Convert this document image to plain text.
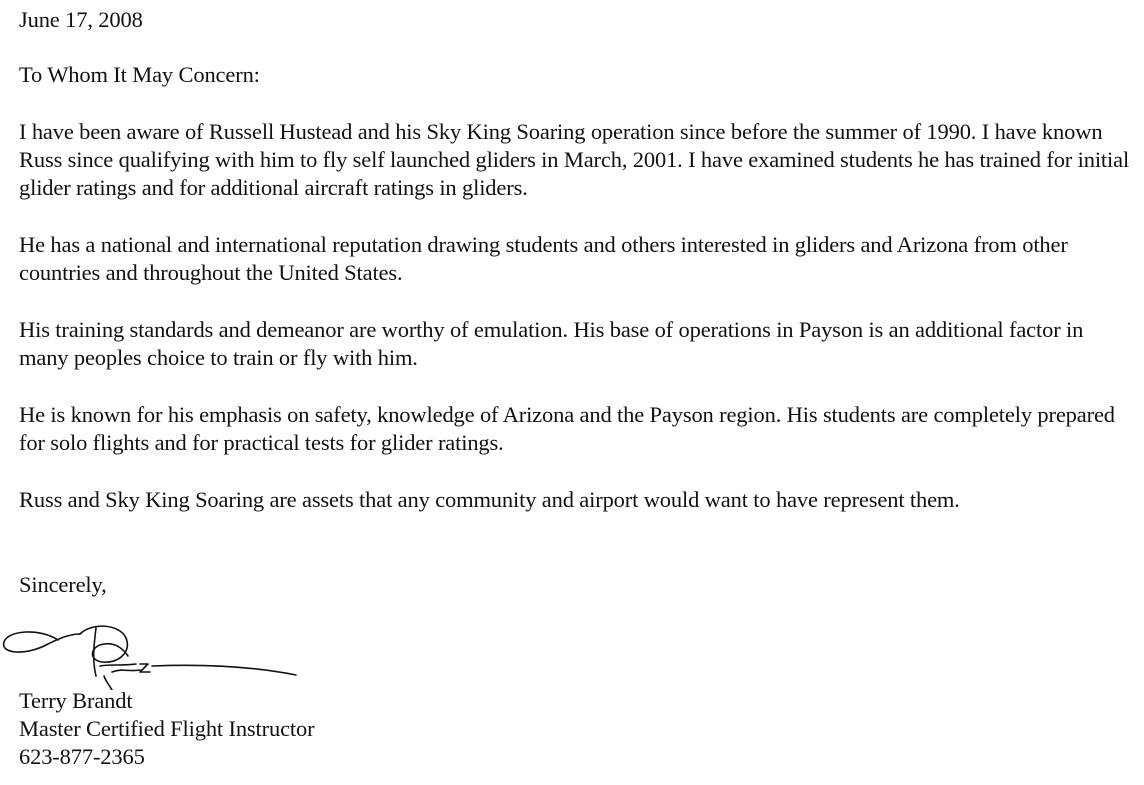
June 17, 2008

To Whom It May Concern:

I have been aware of Russell Hustead and his Sky King Soaring operation since before the summer of 1990. I have known Russ since qualifying with him to fly self launched gliders in March, 2001. I have examined students he has trained for initial glider ratings and for additional aircraft ratings in gliders.

He has a national and international reputation drawing students and others interested in gliders and Arizona from other countries and throughout the United States.

His training standards and demeanor are worthy of emulation. His base of operations in Payson is an additional factor in many peoples choice to train or fly with him.

He is known for his emphasis on safety, knowledge of Arizona and the Payson region. His students are completely prepared for solo flights and for practical tests for glider ratings.

Russ and Sky King Soaring are assets that any community and airport would want to have represent them.

Sincerely,

Terry Brandt
Master Certified Flight Instructor
623-877-2365
